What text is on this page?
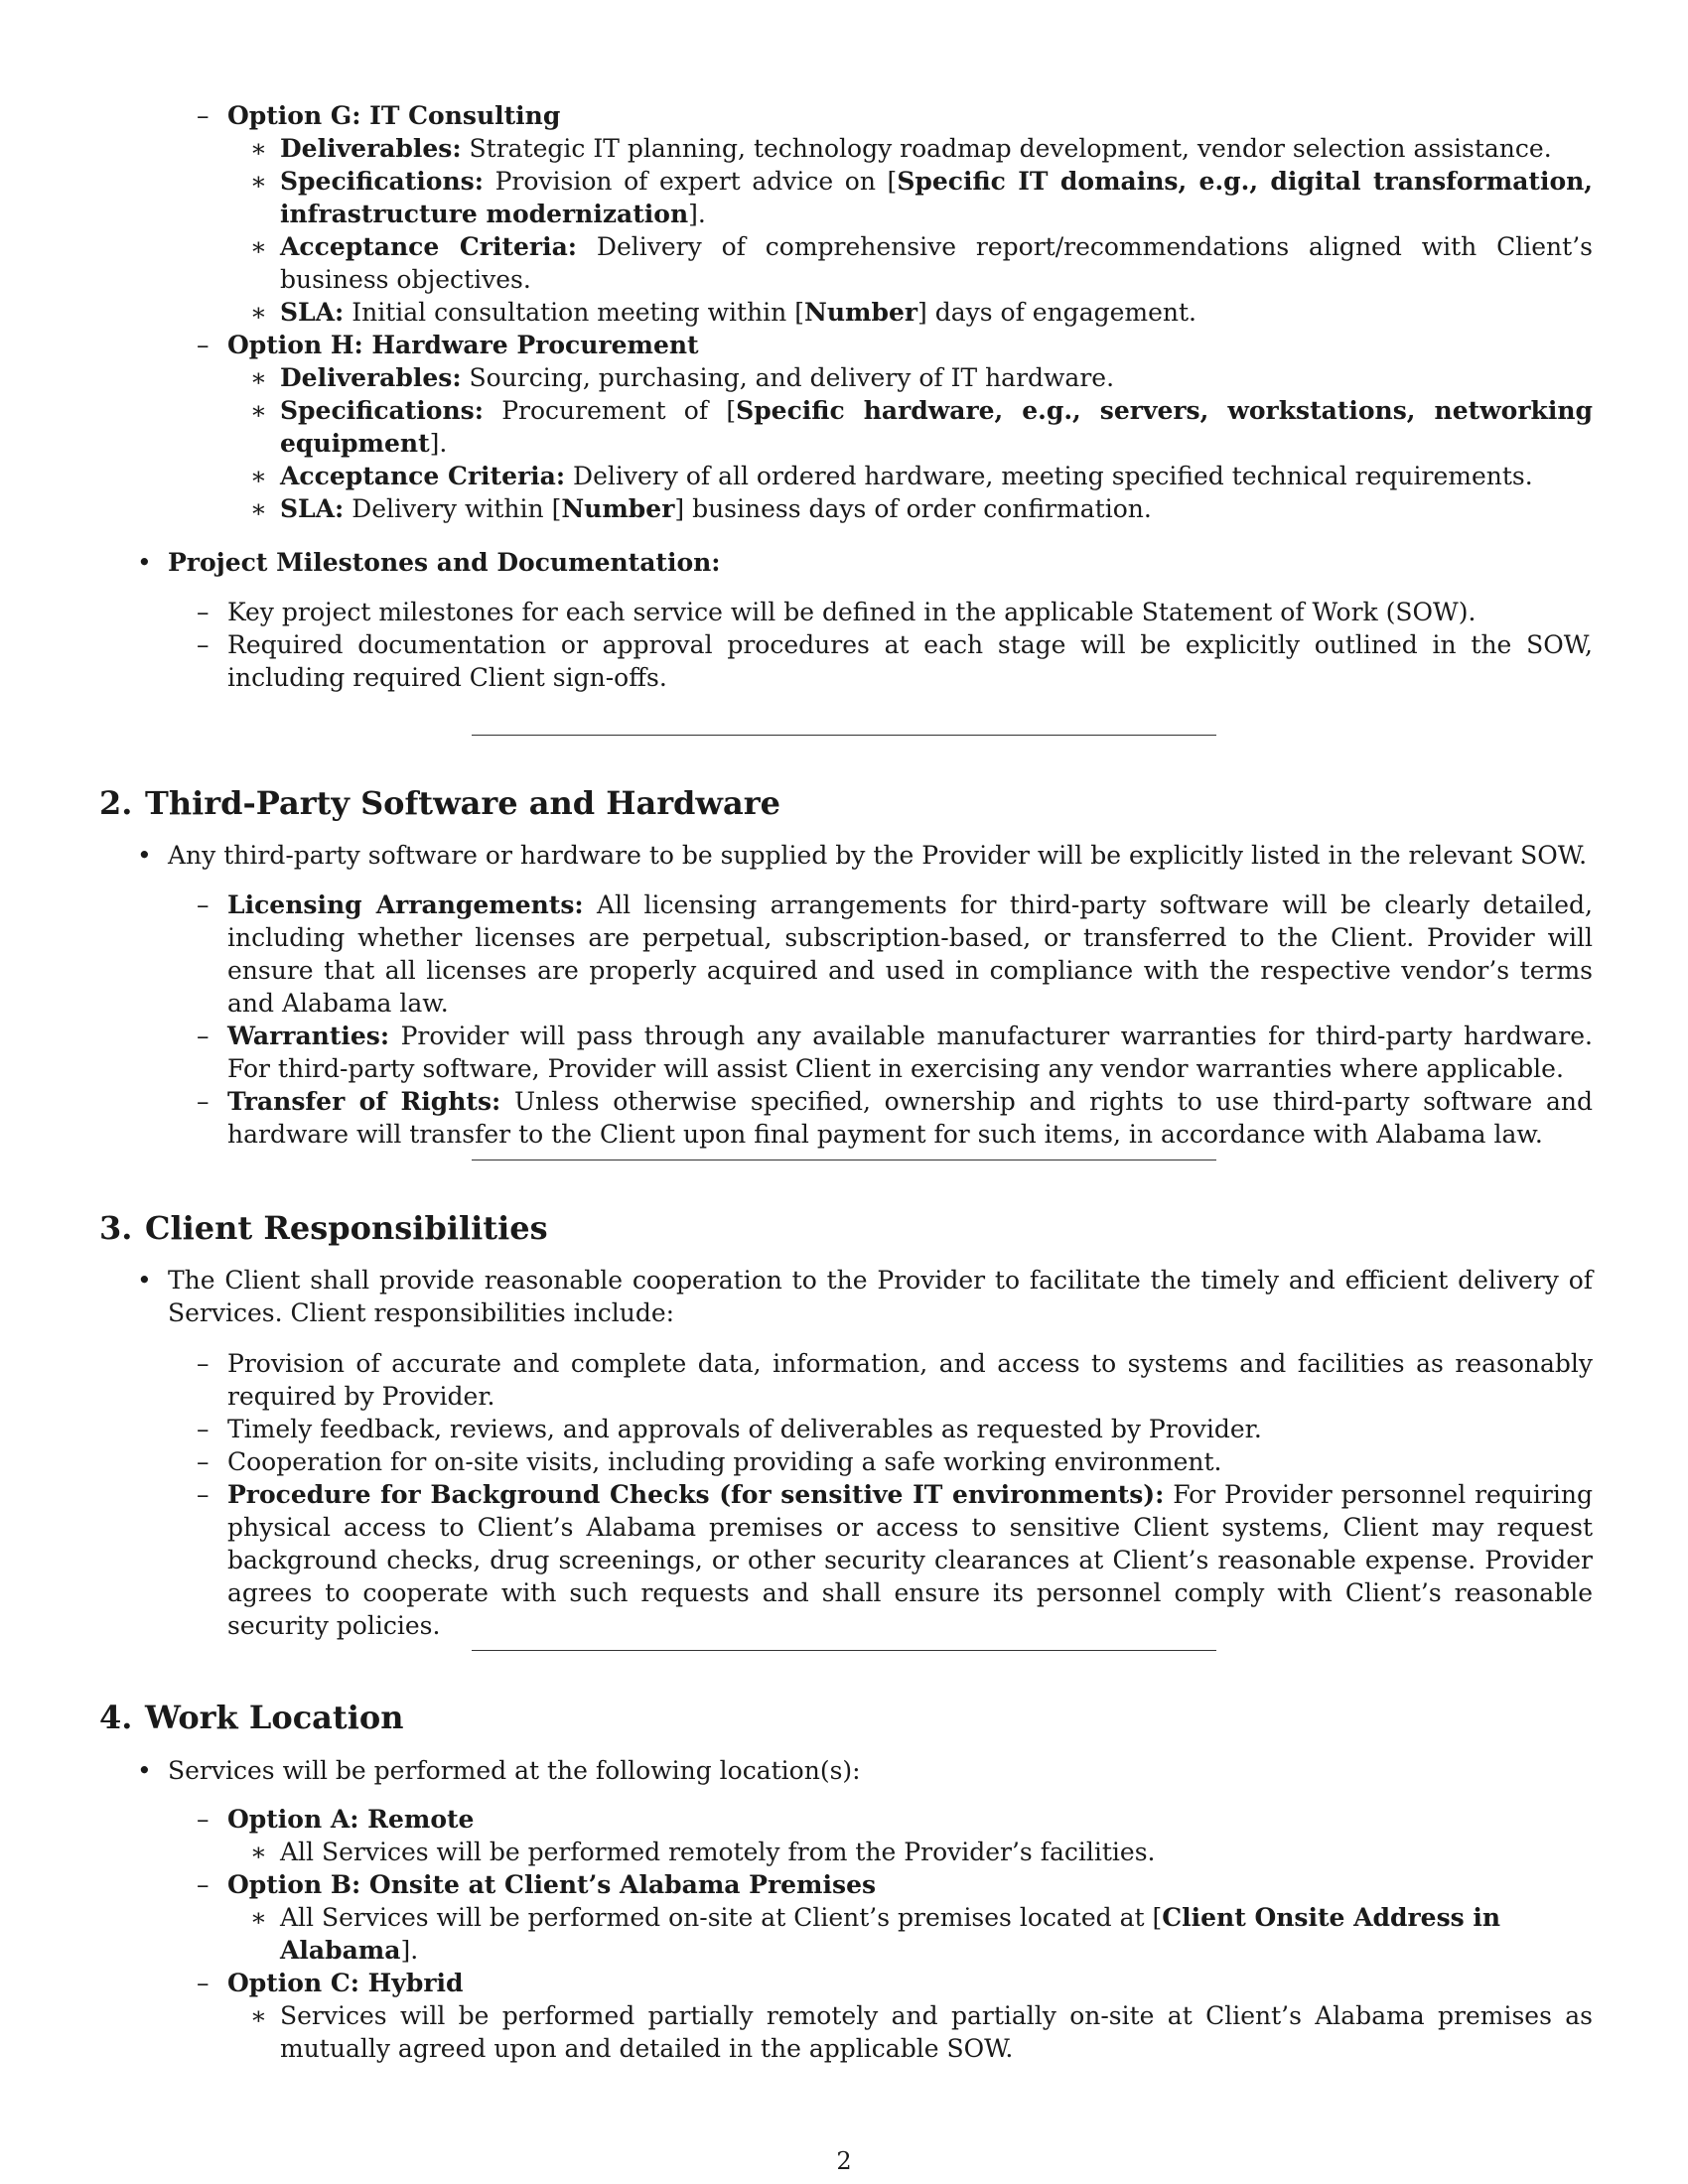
– Option G: IT Consulting
∗ Deliverables: Strategic IT planning, technology roadmap development, vendor selection assistance.
∗ Specifications: Provision of expert advice on [Specific IT domains, e.g., digital transformation, infrastructure modernization].
∗ Acceptance Criteria: Delivery of comprehensive report/recommendations aligned with Client’s business objectives.
∗ SLA: Initial consultation meeting within [Number] days of engagement.
– Option H: Hardware Procurement
∗ Deliverables: Sourcing, purchasing, and delivery of IT hardware.
∗ Specifications: Procurement of [Specific hardware, e.g., servers, workstations, networking equipment].
∗ Acceptance Criteria: Delivery of all ordered hardware, meeting specified technical requirements.
∗ SLA: Delivery within [Number] business days of order confirmation.
• Project Milestones and Documentation:
– Key project milestones for each service will be defined in the applicable Statement of Work (SOW).
– Required documentation or approval procedures at each stage will be explicitly outlined in the SOW, including required Client sign-offs.
2. Third-Party Software and Hardware
• Any third-party software or hardware to be supplied by the Provider will be explicitly listed in the relevant SOW.
– Licensing Arrangements: All licensing arrangements for third-party software will be clearly detailed, including whether licenses are perpetual, subscription-based, or transferred to the Client. Provider will ensure that all licenses are properly acquired and used in compliance with the respective vendor’s terms and Alabama law.
– Warranties: Provider will pass through any available manufacturer warranties for third-party hardware. For third-party software, Provider will assist Client in exercising any vendor warranties where applicable.
– Transfer of Rights: Unless otherwise specified, ownership and rights to use third-party software and hardware will transfer to the Client upon final payment for such items, in accordance with Alabama law.
3. Client Responsibilities
• The Client shall provide reasonable cooperation to the Provider to facilitate the timely and efficient delivery of Services. Client responsibilities include:
– Provision of accurate and complete data, information, and access to systems and facilities as reasonably required by Provider.
– Timely feedback, reviews, and approvals of deliverables as requested by Provider.
– Cooperation for on-site visits, including providing a safe working environment.
– Procedure for Background Checks (for sensitive IT environments): For Provider personnel requiring physical access to Client’s Alabama premises or access to sensitive Client systems, Client may request background checks, drug screenings, or other security clearances at Client’s reasonable expense. Provider agrees to cooperate with such requests and shall ensure its personnel comply with Client’s reasonable security policies.
4. Work Location
• Services will be performed at the following location(s):
– Option A: Remote
∗ All Services will be performed remotely from the Provider’s facilities.
– Option B: Onsite at Client’s Alabama Premises
∗ All Services will be performed on-site at Client’s premises located at [Client Onsite Address in Alabama].
– Option C: Hybrid
∗ Services will be performed partially remotely and partially on-site at Client’s Alabama premises as mutually agreed upon and detailed in the applicable SOW.
2
